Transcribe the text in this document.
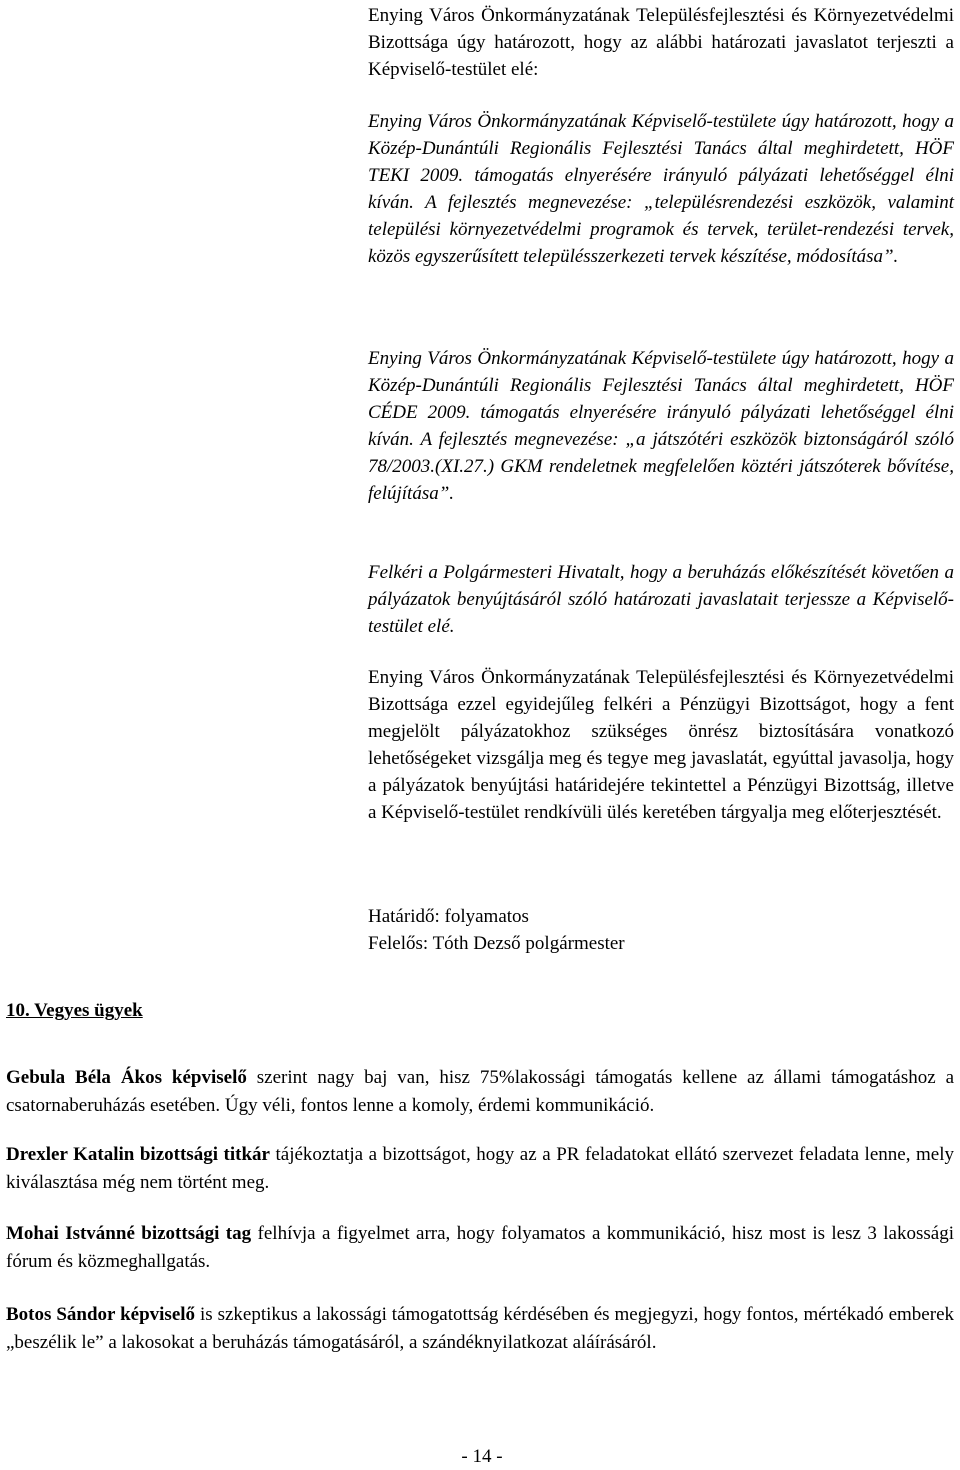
Enying Város Önkormányzatának Településfejlesztési és Környezetvédelmi Bizottsága úgy határozott, hogy az alábbi határozati javaslatot terjeszti a Képviselő-testület elé:

Enying Város Önkormányzatának Képviselő-testülete úgy határozott, hogy a Közép-Dunántúli Regionális Fejlesztési Tanács által meghirdetett, HÖF TEKI 2009. támogatás elnyerésére irányuló pályázati lehetőséggel élni kíván. A fejlesztés megnevezése: „településrendezési eszközök, valamint települési környezetvédelmi programok és tervek, terület-rendezési tervek, közös egyszerűsített településszerkezeti tervek készítése, módosítása”.

Enying Város Önkormányzatának Képviselő-testülete úgy határozott, hogy a Közép-Dunántúli Regionális Fejlesztési Tanács által meghirdetett, HÖF CÉDE 2009. támogatás elnyerésére irányuló pályázati lehetőséggel élni kíván. A fejlesztés megnevezése: „a játszótéri eszközök biztonságáról szóló 78/2003.(XI.27.) GKM rendeletnek megfelelően köztéri játszóterek bővítése, felújítása”.

Felkéri a Polgármesteri Hivatalt, hogy a beruházás előkészítését követően a pályázatok benyújtásáról szóló határozati javaslatait terjessze a Képviselő-testület elé.

Enying Város Önkormányzatának Településfejlesztési és Környezetvédelmi Bizottsága ezzel egyidejűleg felkéri a Pénzügyi Bizottságot, hogy a fent megjelölt pályázatokhoz szükséges önrész biztosítására vonatkozó lehetőségeket vizsgálja meg és tegye meg javaslatát, egyúttal javasolja, hogy a pályázatok benyújtási határidejére tekintettel a Pénzügyi Bizottság, illetve a Képviselő-testület rendkívüli ülés keretében tárgyalja meg előterjesztését.

Határidő: folyamatos
Felelős: Tóth Dezső polgármester
10. Vegyes ügyek

Gebula Béla Ákos képviselő szerint nagy baj van, hisz 75%lakossági támogatás kellene az állami támogatáshoz a csatornaberuházás esetében. Úgy véli, fontos lenne a komoly, érdemi kommunikáció.

Drexler Katalin bizottsági titkár tájékoztatja a bizottságot, hogy az a PR feladatokat ellátó szervezet feladata lenne, mely kiválasztása még nem történt meg.

Mohai Istvánné bizottsági tag felhívja a figyelmet arra, hogy folyamatos a kommunikáció, hisz most is lesz 3 lakossági fórum és közmeghallgatás.

Botos Sándor képviselő is szkeptikus a lakossági támogatottság kérdésében és megjegyzi, hogy fontos, mértékadó emberek „beszélik le” a lakosokat a beruházás támogatásáról, a szándéknyilatkozat aláírásáról.

- 14 -
